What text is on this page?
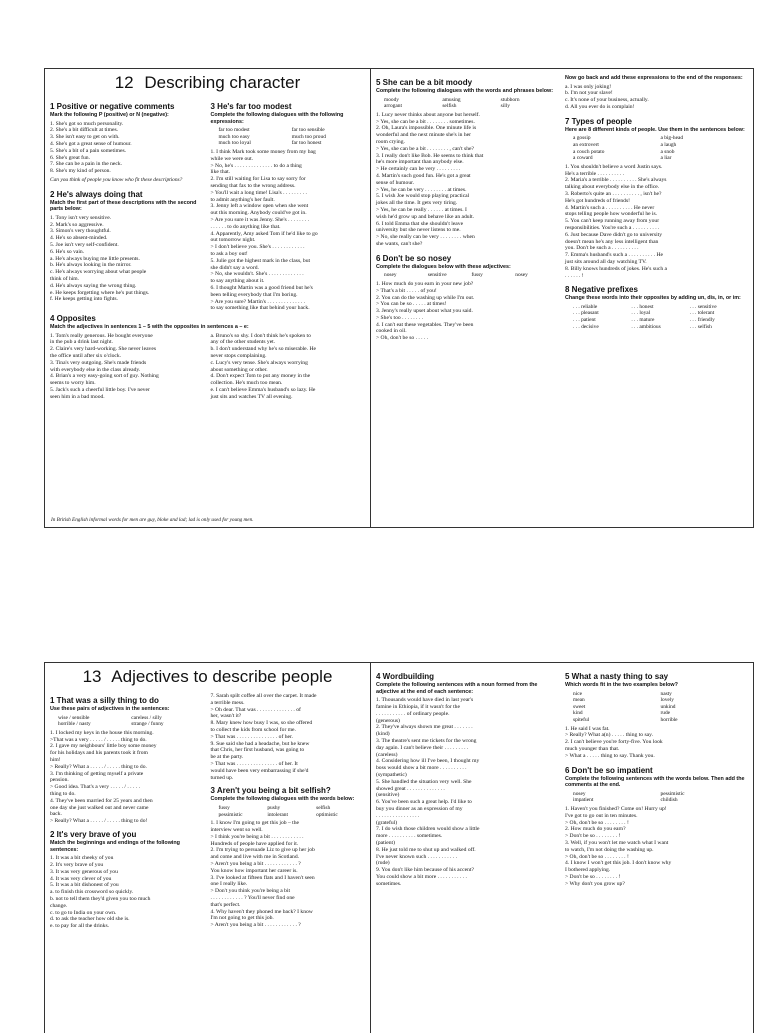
12 Describing character
1 Positive or negative comments
Mark the following P (positive) or N (negative):
1. She's got so much personality.
2. She's a bit difficult at times.
3. She isn't easy to get on with.
4. She's got a great sense of humour.
5. She's a bit of a pain sometimes.
6. She's great fun.
7. She can be a pain in the neck.
8. She's my kind of person.
Can you think of people you know who fit these descriptions?
2 He's always doing that
Match the first part of these descriptions with the second parts below:
1. Tony isn't very sensitive.
2. Mark's so aggressive.
3. Simon's very thoughtful.
4. He's so absent-minded.
5. Joe isn't very self-confident.
6. He's so vain.
a. He's always buying me little presents.
b. He's always looking in the mirror.
c. He's always worrying about what people
think of him.
d. He's always saying the wrong thing.
e. He keeps forgetting where he's put things.
f. He keeps getting into fights.
3 He's far too modest
Complete the following dialogues with the following expressions:
far too modest	far too sensible
much too easy	much too proud
much too loyal	far too honest
1. I think Mark took some money from my bag
while we were out.
> No, he's . . . . . . . . . . . . . . to do a thing
like that.
2. I'm still waiting for Lisa to say sorry for
sending that fax to the wrong address.
> You'll wait a long time! Lisa's . . . . . . . . .
to admit anything's her fault.
3. Jenny left a window open when she went
out this morning. Anybody could've got in.
> Are you sure it was Jenny. She's . . . . . . . .
. . . . . . to do anything like that.
4. Apparently, Amy asked Tom if he'd like to go
out tomorrow night.
> I don't believe you. She's . . . . . . . . . . . .
to ask a boy out!
5. Julie got the highest mark in the class, but
she didn't say a word.
> No, she wouldn't. She's . . . . . . . . . . . . .
to say anything about it.
6. I thought Martin was a good friend but he's
been telling everybody that I'm boring.
> Are you sure? Martin's . . . . . . . . . . . . . .
to say something like that behind your back.
4 Opposites
Match the adjectives in sentences 1 – 5 with the opposites in sentences a – e:
1. Tom's really generous. He bought everyone
in the pub a drink last night.
2. Claire's very hard-working. She never leaves
the office until after six o'clock.
3. Tina's very outgoing. She's made friends
with everybody else in the class already.
4. Brian's a very easy-going sort of guy. Nothing
seems to worry him.
5. Jack's such a cheerful little boy. I've never
seen him in a bad mood.
a. Bruno's so shy. I don't think he's spoken to
any of the other students yet.
b. I don't understand why he's so miserable. He
never stops complaining.
c. Lucy's very tense. She's always worrying
about something or other.
d. Don't expect Tom to put any money in the
collection. He's much too mean.
e. I can't believe Emma's husband's so lazy. He
just sits and watches TV all evening.
In British English informal words for men are guy, bloke and lad; lad is only used for young men.
5 She can be a bit moody
Complete the following dialogues with the words and phrases below:
moody	amusing	stubborn
arrogant	selfish	silly
1. Lucy never thinks about anyone but herself.
> Yes, she can be a bit . . . . . . . . sometimes.
2. Oh, Laura's impossible. One minute life is
wonderful and the next minute she's in her
room crying.
> Yes, she can be a bit . . . . . . . . , can't she?
3. I really don't like Bob. He seems to think that
he's more important than anybody else.
> He certainly can be very . . . . . . . . .
4. Martin's such good fun. He's got a great
sense of humour.
> Yes, he can be very . . . . . . . . at times.
5. I wish Joe would stop playing practical
jokes all the time. It gets very tiring.
> Yes, he can be really . . . . . . at times. I
wish he'd grow up and behave like an adult.
6. I told Emma that she shouldn't leave
university but she never listens to me.
> No, she really can be very . . . . . . . . when
she wants, can't she?
6 Don't be so nosey
Complete the dialogues below with these adjectives:
nosey	sensitive	fussy	nosey
1. How much do you earn in your new job?
> That's a bit . . . . . of you!
2. You can do the washing up while I'm out.
> You can be so . . . . . at times!
3. Jenny's really upset about what you said.
> She's too . . . . . . . .
4. I can't eat these vegetables. They've been
cooked in oil.
> Oh, don't be so . . . . .
Now go back and add these expressions to the end of the responses:
a. I was only joking!
b. I'm not your slave!
c. It's none of your business, actually.
d. All you ever do is complain!
7 Types of people
Here are 8 different kinds of people. Use them in the sentences below:
a gossip	a big-head
an extrovert	a laugh
a couch potato	a snob
a coward	a liar
1. You shouldn't believe a word Justin says.
He's a terrible . . . . . . . . . .
2. Maria's a terrible . . . . . . . . . . She's always
talking about everybody else in the office.
3. Roberto's quite an . . . . . . . . . . , isn't he?
He's got hundreds of friends!
4. Martin's such a . . . . . . . . . . He never
stops telling people how wonderful he is.
5. You can't keep running away from your
responsibilities. You're such a . . . . . . . . . .
6. Just because Dave didn't go to university
doesn't mean he's any less intelligent than
you. Don't be such a . . . . . . . . . .
7. Emma's husband's such a . . . . . . . . . . He
just sits around all day watching TV.
8. Billy knows hundreds of jokes. He's such a
. . . . . . !
8 Negative prefixes
Change these words into their opposites by adding un, dis, in, or im:
. . . reliable	. . . honest	. . . sensitive
. . . pleasant	. . . loyal	. . . tolerant
. . . patient	. . . mature	. . . friendly
. . . decisive	. . . ambitious	. . . selfish
13 Adjectives to describe people
1 That was a silly thing to do
Use these pairs of adjectives in the sentences:
wise / sensible	careless / silly
horrible / nasty	strange / funny
1. I locked my keys in the house this morning.
>That was a very . . . . . / . . . . . thing to do.
2. I gave my neighbours' little boy some money
for his holidays and his parents took it from
him!
> Really? What a . . . . . / . . . . . thing to do.
3. I'm thinking of getting myself a private
pension.
> Good idea. That's a very . . . . . / . . . . .
thing to do.
4. They've been married for 25 years and then
one day she just walked out and never came
back.
> Really? What a . . . . . / . . . . . thing to do!
2 It's very brave of you
Match the beginnings and endings of the following sentences:
1. It was a bit cheeky of you
2. It's very brave of you
3. It was very generous of you
4. It was very clever of you
5. It was a bit dishonest of you
a. to finish this crossword so quickly.
b. not to tell them they'd given you too much
change.
c. to go to India on your own.
d. to ask the teacher how old she is.
e. to pay for all the drinks.
7. Sarah spilt coffee all over the carpet. It made
a terrible mess.
> Oh dear. That was . . . . . . . . . . . . . . of
her, wasn't it?
8. Mary knew how busy I was, so she offered
to collect the kids from school for me.
> That was . . . . . . . . . . . . . . . of her.
9. Sue said she had a headache, but he knew
that Chris, her first husband, was going to
be at the party.
> That was . . . . . . . . . . . . . . . of her. It
would have been very embarrassing if she'd
turned up.
3 Aren't you being a bit selfish?
Complete the following dialogues with the words below:
fussy	pushy	selfish
pessimistic	intolerant	optimistic
1. I know I'm going to get this job – the
interview went so well.
> I think you're being a bit . . . . . . . . . . . .
Hundreds of people have applied for it.
2. I'm trying to persuade Liz to give up her job
and come and live with me in Scotland.
> Aren't you being a bit . . . . . . . . . . . . ?
You know how important her career is.
3. I've looked at fifteen flats and I haven't seen
one I really like.
> Don't you think you're being a bit
. . . . . . . . . . . . ? You'll never find one
that's perfect.
4. Why haven't they phoned me back? I know
I'm not going to get this job.
> Aren't you being a bit . . . . . . . . . . . . ?
4 Wordbuilding
Complete the following sentences with a noun formed from the adjective at the end of each sentence:
1. Thousands would have died in last year's
famine in Ethiopia, if it wasn't for the
. . . . . . . . . . . of ordinary people.
(generous)
2. They've always shown me great . . . . . . .
(kind)
3. The theatre's sent me tickets for the wrong
day again. I can't believe their . . . . . . . . .
(careless)
4. Considering how ill I've been, I thought my
boss would show a bit more . . . . . . . . . .
(sympathetic)
5. She handled the situation very well. She
showed great . . . . . . . . . . . . . .
(sensitive)
6. You've been such a great help. I'd like to
buy you dinner as an expression of my
. . . . . . . . . . . . . . . .
(grateful)
7. I do wish those children would show a little
more . . . . . . . . . . sometimes.
(patient)
8. He just told me to shut up and walked off.
I've never known such . . . . . . . . . . .
(rude)
9. You don't like him because of his accent?
You could show a bit more . . . . . . . . . . .
sometimes.
5 What a nasty thing to say
Which words fit in the two examples below?
nice	nasty
mean	lovely
sweet	unkind
kind	rude
spiteful	horrible
1. He said I was fat.
> Really? What a(n) . . . . . thing to say.
2. I can't believe you're forty-five. You look
much younger than that.
> What a . . . . . thing to say. Thank you.
6 Don't be so impatient
Complete the following sentences with the words below. Then add the comments at the end.
nosey	pessimistic
impatient	childish
1. Haven't you finished? Come on! Hurry up!
I've got to go out in ten minutes.
> Oh, don't be so . . . . . . . . !
2. How much do you earn?
> Don't be so . . . . . . . . !
3. Well, if you won't let me watch what I want
to watch, I'm not doing the washing up.
> Oh, don't be so . . . . . . . . !
4. I know I won't get this job. I don't know why
I bothered applying.
> Don't be so . . . . . . . . !
> Why don't you grow up?
